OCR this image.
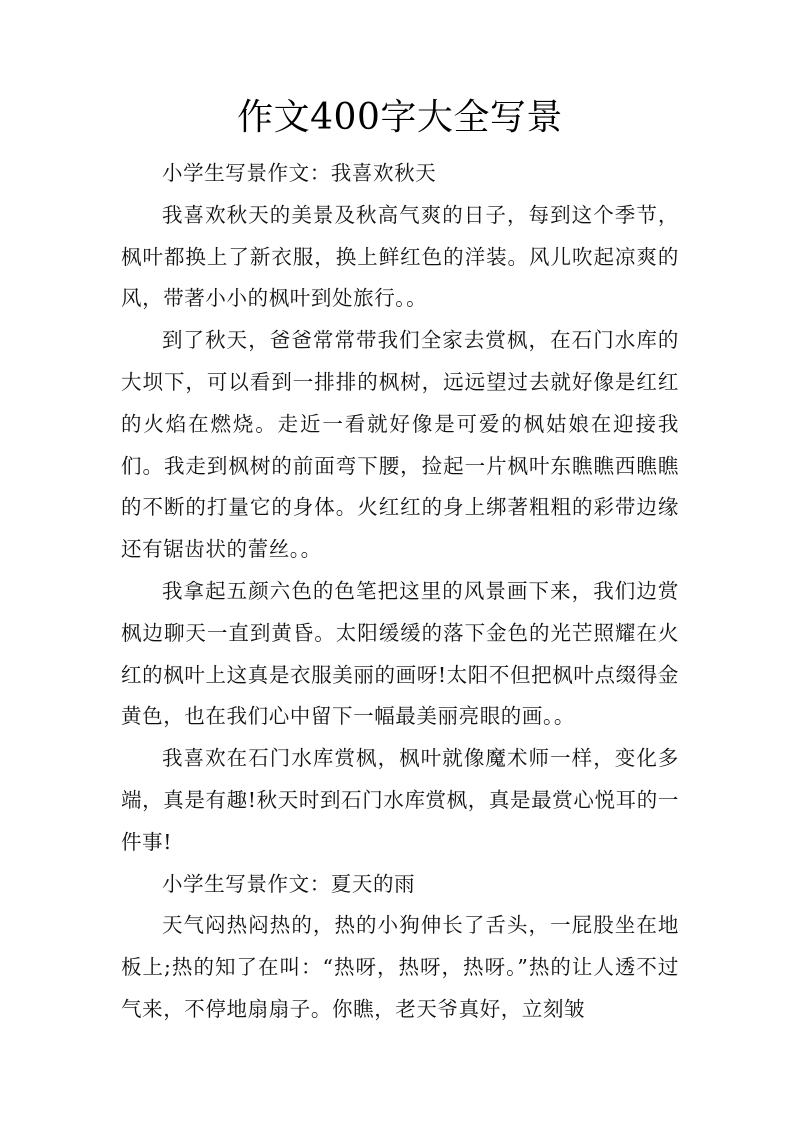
作文400字大全写景

小学生写景作文：我喜欢秋天

我喜欢秋天的美景及秋高气爽的日子，每到这个季节，枫叶都换上了新衣服，换上鲜红色的洋装。风儿吹起凉爽的风，带著小小的枫叶到处旅行。。

到了秋天，爸爸常常带我们全家去赏枫，在石门水库的大坝下，可以看到一排排的枫树，远远望过去就好像是红红的火焰在燃烧。走近一看就好像是可爱的枫姑娘在迎接我们。我走到枫树的前面弯下腰，捡起一片枫叶东瞧瞧西瞧瞧的不断的打量它的身体。火红红的身上绑著粗粗的彩带边缘还有锯齿状的蕾丝。。

我拿起五颜六色的色笔把这里的风景画下来，我们边赏枫边聊天一直到黄昏。太阳缓缓的落下金色的光芒照耀在火红的枫叶上这真是衣服美丽的画呀!太阳不但把枫叶点缀得金黄色，也在我们心中留下一幅最美丽亮眼的画。。

我喜欢在石门水库赏枫，枫叶就像魔术师一样，变化多端，真是有趣!秋天时到石门水库赏枫，真是最赏心悦耳的一件事!

小学生写景作文：夏天的雨

天气闷热闷热的，热的小狗伸长了舌头，一屁股坐在地板上;热的知了在叫：“热呀，热呀，热呀。”热的让人透不过气来，不停地扇扇子。你瞧，老天爷真好，立刻皱
